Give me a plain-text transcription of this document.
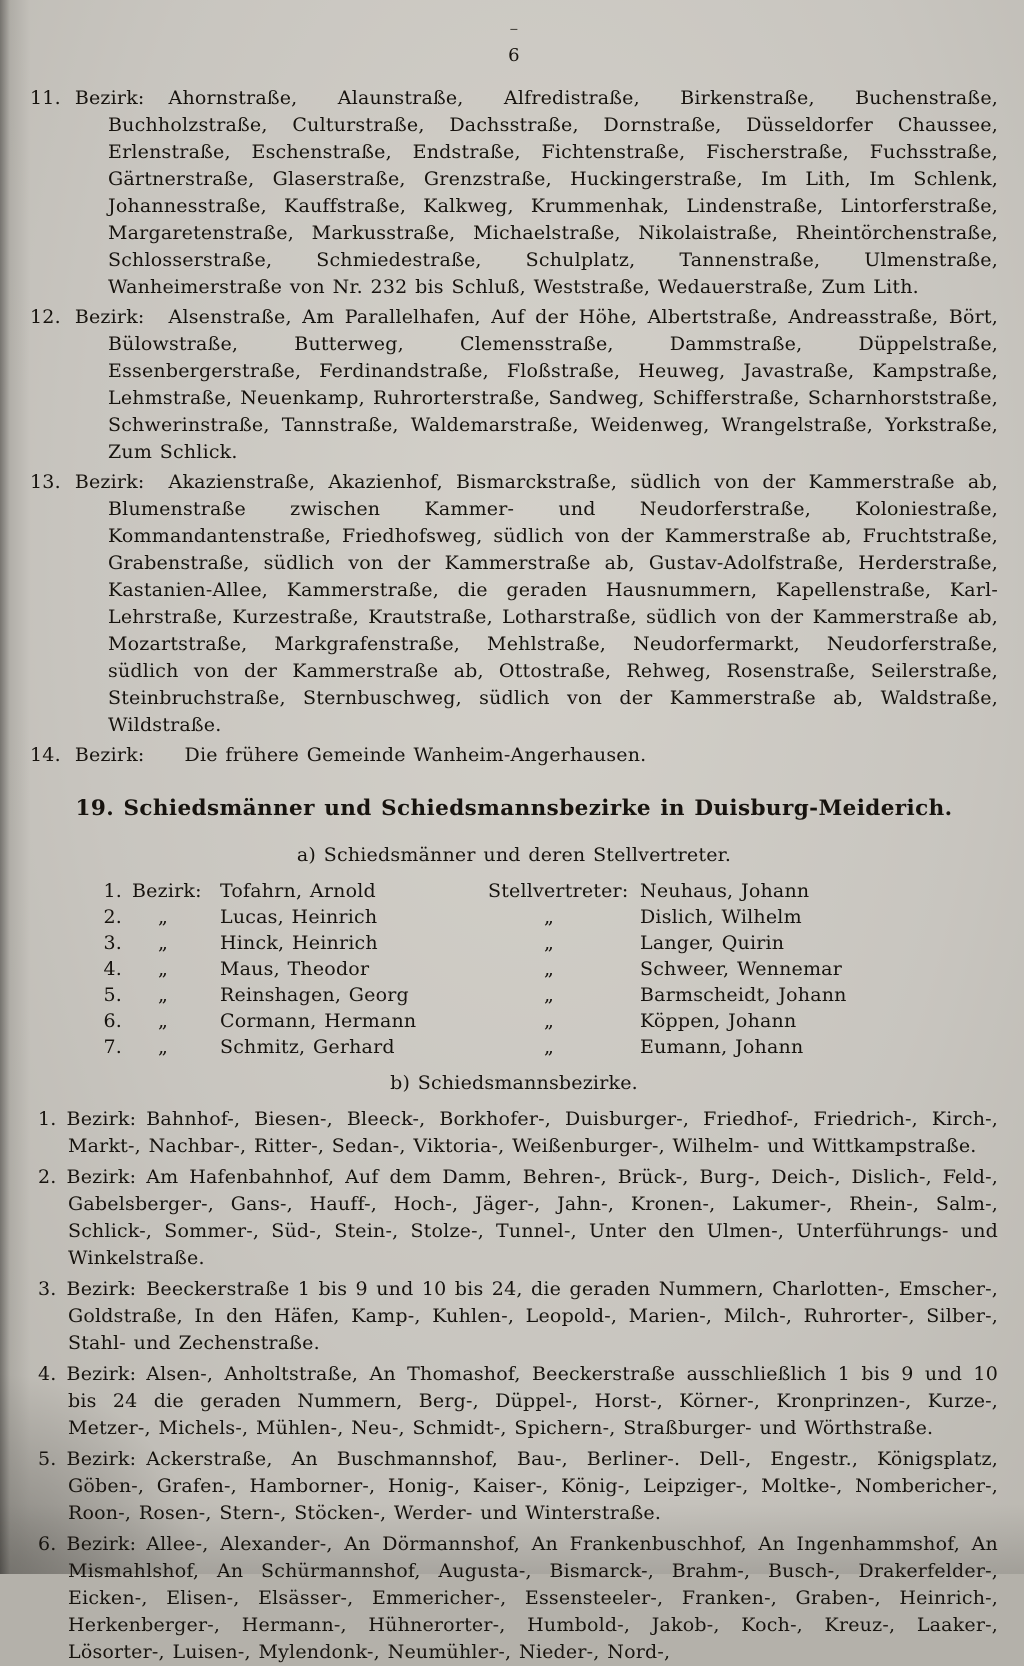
–
6
11. Bezirk: Ahornstraße, Alaunstraße, Alfredistraße, Birkenstraße, Buchenstraße, Buchholzstraße, Culturstraße, Dachsstraße, Dornstraße, Düsseldorfer Chaussee, Erlenstraße, Eschenstraße, Endstraße, Fichtenstraße, Fischerstraße, Fuchsstraße, Gärtnerstraße, Glaserstraße, Grenzstraße, Huckingerstraße, Im Lith, Im Schlenk, Johannesstraße, Kauffstraße, Kalkweg, Krummenhak, Lindenstraße, Lintorferstraße, Margaretenstraße, Markusstraße, Michaelstraße, Nikolaistraße, Rheintörchenstraße, Schlosserstraße, Schmiedestraße, Schulplatz, Tannenstraße, Ulmenstraße, Wanheimerstraße von Nr. 232 bis Schluß, Weststraße, Wedauerstraße, Zum Lith.
12. Bezirk: Alsenstraße, Am Parallelhafen, Auf der Höhe, Albertstraße, Andreasstraße, Bört, Bülowstraße, Butterweg, Clemensstraße, Dammstraße, Düppelstraße, Essenbergerstraße, Ferdinandstraße, Floßstraße, Heuweg, Javastraße, Kampstraße, Lehmstraße, Neuenkamp, Ruhrorterstraße, Sandweg, Schifferstraße, Scharnhorststraße, Schwerinstraße, Tannstraße, Waldemarstraße, Weidenweg, Wrangelstraße, Yorkstraße, Zum Schlick.
13. Bezirk: Akazienstraße, Akazienhof, Bismarckstraße, südlich von der Kammerstraße ab, Blumenstraße zwischen Kammer- und Neudorferstraße, Koloniestraße, Kommandantenstraße, Friedhofsweg, südlich von der Kammerstraße ab, Fruchtstraße, Grabenstraße, südlich von der Kammerstraße ab, Gustav-Adolfstraße, Herderstraße, Kastanien-Allee, Kammerstraße, die geraden Hausnummern, Kapellenstraße, Karl-Lehrstraße, Kurzestraße, Krautstraße, Lotharstraße, südlich von der Kammerstraße ab, Mozartstraße, Markgrafenstraße, Mehlstraße, Neudorfermarkt, Neudorferstraße, südlich von der Kammerstraße ab, Ottostraße, Rehweg, Rosenstraße, Seilerstraße, Steinbruchstraße, Sternbuschweg, südlich von der Kammerstraße ab, Waldstraße, Wildstraße.
14. Bezirk: Die frühere Gemeinde Wanheim-Angerhausen.
19. Schiedsmänner und Schiedsmannsbezirke in Duisburg-Meiderich.
a) Schiedsmänner und deren Stellvertreter.
1. Bezirk: Tofahrn, Arnold	Stellvertreter: Neuhaus, Johann
2.	„	Lucas, Heinrich	„	Dislich, Wilhelm
3.	„	Hinck, Heinrich	„	Langer, Quirin
4.	„	Maus, Theodor	„	Schweer, Wennemar
5.	„	Reinshagen, Georg	„	Barmscheidt, Johann
6.	„	Cormann, Hermann	„	Köppen, Johann
7.	„	Schmitz, Gerhard	„	Eumann, Johann
b) Schiedsmannsbezirke.
1. Bezirk: Bahnhof-, Biesen-, Bleeck-, Borkhofer-, Duisburger-, Friedhof-, Friedrich-, Kirch-, Markt-, Nachbar-, Ritter-, Sedan-, Viktoria-, Weißenburger-, Wilhelm- und Wittkampstraße.
2. Bezirk: Am Hafenbahnhof, Auf dem Damm, Behren-, Brück-, Burg-, Deich-, Dislich-, Feld-, Gabelsberger-, Gans-, Hauff-, Hoch-, Jäger-, Jahn-, Kronen-, Lakumer-, Rhein-, Salm-, Schlick-, Sommer-, Süd-, Stein-, Stolze-, Tunnel-, Unter den Ulmen-, Unterführungs- und Winkelstraße.
3. Bezirk: Beeckerstraße 1 bis 9 und 10 bis 24, die geraden Nummern, Charlotten-, Emscher-, Goldstraße, In den Häfen, Kamp-, Kuhlen-, Leopold-, Marien-, Milch-, Ruhrorter-, Silber-, Stahl- und Zechenstraße.
4. Bezirk: Alsen-, Anholtstraße, An Thomashof, Beeckerstraße ausschließlich 1 bis 9 und 10 bis 24 die geraden Nummern, Berg-, Düppel-, Horst-, Körner-, Kronprinzen-, Kurze-, Metzer-, Michels-, Mühlen-, Neu-, Schmidt-, Spichern-, Straßburger- und Wörthstraße.
5. Bezirk: Ackerstraße, An Buschmannshof, Bau-, Berliner-. Dell-, Engestr., Königsplatz, Göben-, Grafen-, Hamborner-, Honig-, Kaiser-, König-, Leipziger-, Moltke-, Nombericher-, Roon-, Rosen-, Stern-, Stöcken-, Werder- und Winterstraße.
6. Bezirk: Allee-, Alexander-, An Dörmannshof, An Frankenbuschhof, An Ingenhammshof, An Mismahlshof, An Schürmannshof, Augusta-, Bismarck-, Brahm-, Busch-, Drakerfelder-, Eicken-, Elisen-, Elsässer-, Emmericher-, Essensteeler-, Franken-, Graben-, Heinrich-, Herkenberger-, Hermann-, Hühnerorter-, Humbold-, Jakob-, Koch-, Kreuz-, Laaker-, Lösorter-, Luisen-, Mylendonk-, Neumühler-, Nieder-, Nord-,
